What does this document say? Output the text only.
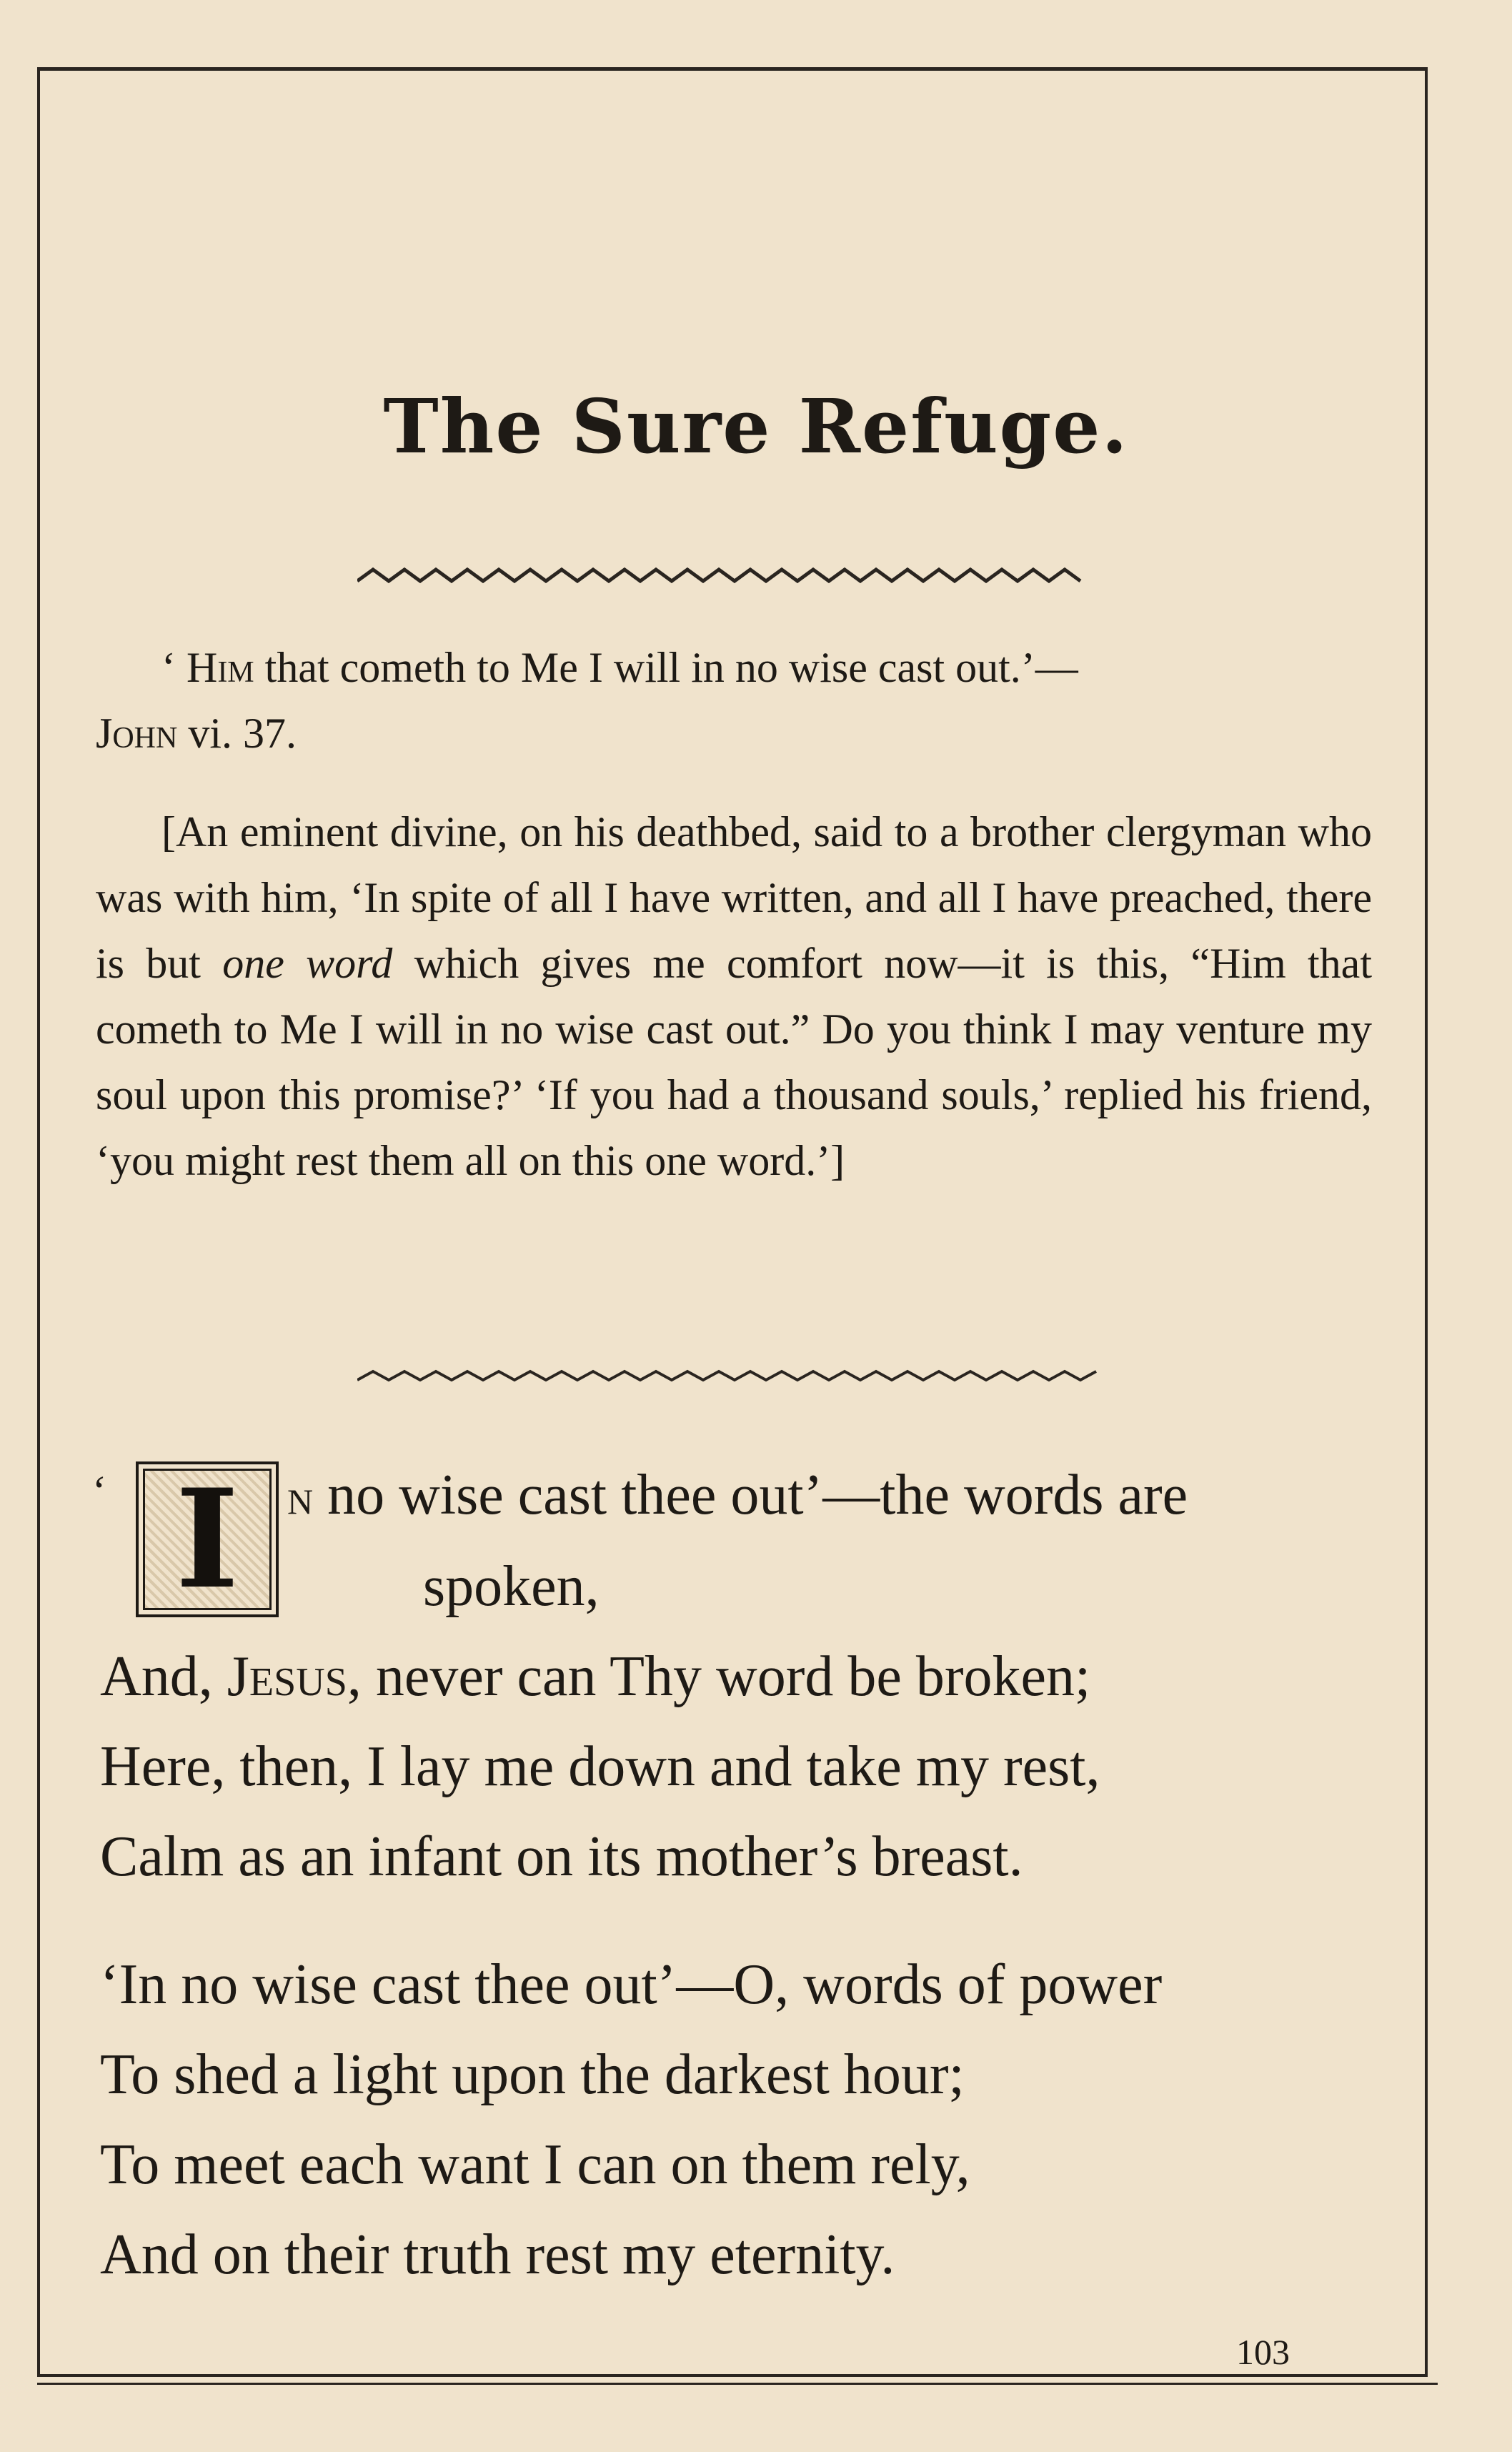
The Sure Refuge.

‘ Him that cometh to Me I will in no wise cast out.’—
John vi. 37.

[An eminent divine, on his deathbed, said to a brother clergyman who was with him, ‘In spite of all I have written, and all I have preached, there is but one word which gives me comfort now—it is this, “Him that cometh to Me I will in no wise cast out.” Do you think I may venture my soul upon this promise?’ ‘If you had a thousand souls,’ replied his friend, ‘you might rest them all on this one word.’]

‘ I n no wise cast thee out’—the words are
spoken,
And, Jesus, never can Thy word be broken;
Here, then, I lay me down and take my rest,
Calm as an infant on its mother’s breast.
‘In no wise cast thee out’—O, words of power
To shed a light upon the darkest hour;
To meet each want I can on them rely,
And on their truth rest my eternity.
103
